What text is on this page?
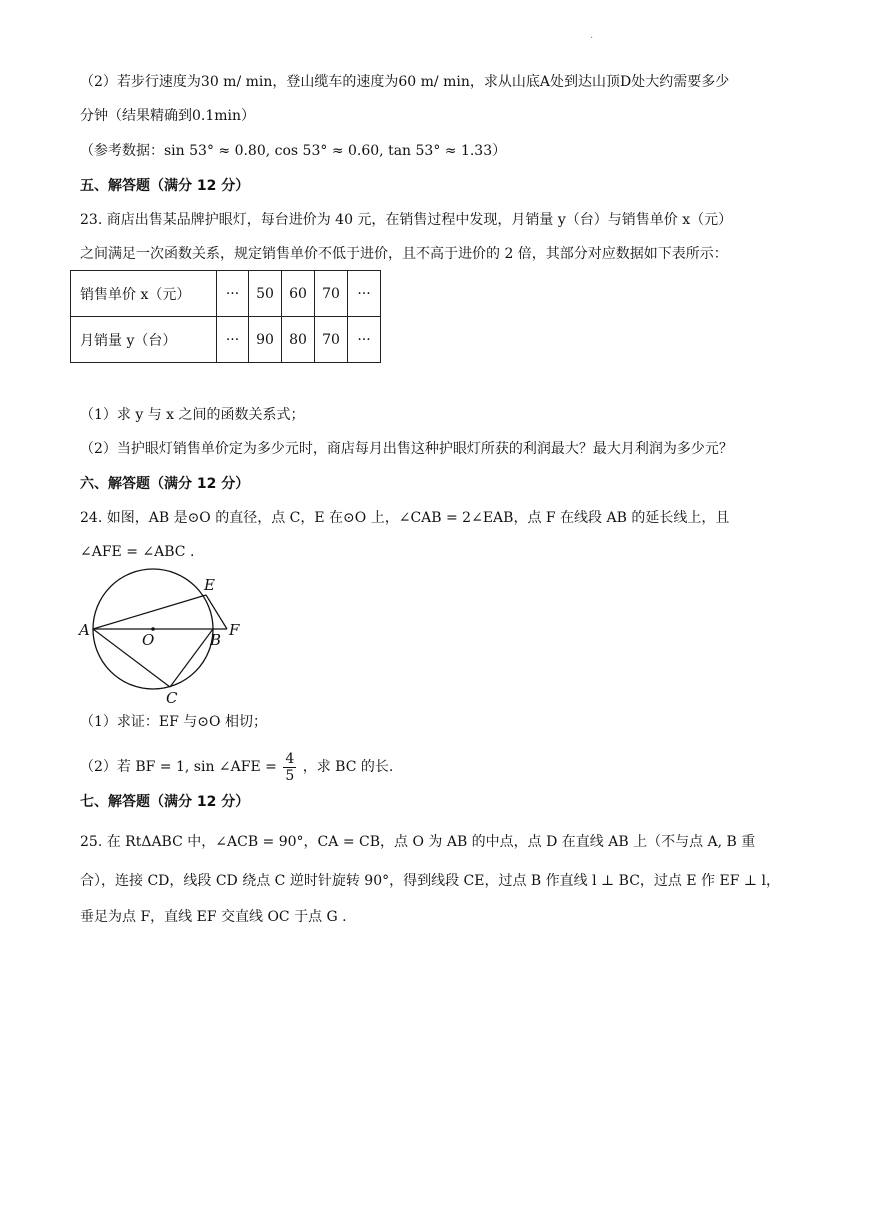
.
（2）若步行速度为30 m/ min，登山缆车的速度为60 m/ min，求从山底A处到达山顶D处大约需要多少
分钟（结果精确到0.1min）
（参考数据：sin 53° ≈ 0.80, cos 53° ≈ 0.60, tan 53° ≈ 1.33）
五、解答题（满分 12 分）
23. 商店出售某品牌护眼灯，每台进价为 40 元，在销售过程中发现，月销量 y（台）与销售单价 x（元）
之间满足一次函数关系，规定销售单价不低于进价，且不高于进价的 2 倍，其部分对应数据如下表所示：
销售单价 x（元）	···	50	60	70	···
月销量 y（台）	···	90	80	70	···
（1）求 y 与 x 之间的函数关系式；
（2）当护眼灯销售单价定为多少元时，商店每月出售这种护眼灯所获的利润最大？最大月利润为多少元？
六、解答题（满分 12 分）
24. 如图，AB 是⊙O 的直径，点 C，E 在⊙O 上，∠CAB = 2∠EAB，点 F 在线段 AB 的延长线上，且
∠AFE = ∠ABC .
A
O	B
F
E
C
（1）求证：EF 与⊙O 相切；
（2）若 BF = 1, sin ∠AFE = $\frac{4}{5}$ ，求 BC 的长.
七、解答题（满分 12 分）
25. 在 RtΔABC 中，∠ACB = 90°，CA = CB，点 O 为 AB 的中点，点 D 在直线 AB 上（不与点 A, B 重
合），连接 CD，线段 CD 绕点 C 逆时针旋转 90°，得到线段 CE，过点 B 作直线 l ⊥ BC，过点 E 作 EF ⊥ l，
垂足为点 F，直线 EF 交直线 OC 于点 G .
